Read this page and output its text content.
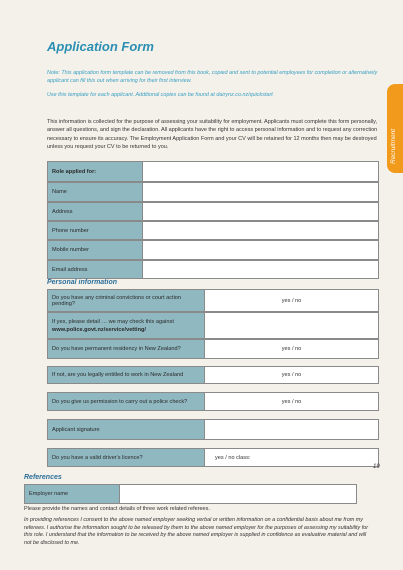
Application Form

Note: This application form template can be removed from this book, copied and sent to potential employees for completion or alternatively applicant can fill this out when arriving for their first interview.

Use this template for each applicant. Additional copies can be found at dairynz.co.nz/quickstart

This information is collected for the purpose of assessing your suitability for employment. Applicants must complete this form personally, answer all questions, and sign the declaration. All applicants have the right to access personal information and to request any correction necessary to ensure its accuracy. The Employment Application Form and your CV will be retained for 12 months then may be destroyed unless you request your CV to be returned to you.	Recruitment
Role applied for:
Name
Address
Phone number
Mobile number
Email address
Personal information
Do you have any criminal convictions or court action pending?	yes / no
If yes, please detail … we may check this against
www.police.govt.nz/service/vetting/
Do you have permanent residency in New Zealand?	yes / no
If not, are you legally entitled to work in New Zealand	yes / no
Do you give us permission to carry out a police check?	yes / no
Applicant signature
Do you have a valid driver's licence?	yes / no class:
19
References
Employer name

Please provide the names and contact details of three work related referees.

In providing references I consent to the above named employer seeking verbal or written information on a confidential basis about me from my referees. I authorise the information sought to be released by them to the above named employer for the purposes of assessing my suitability for this role. I understand that the information to be received by the above named employer is supplied in confidence as evaluative material and will not be disclosed to me.
